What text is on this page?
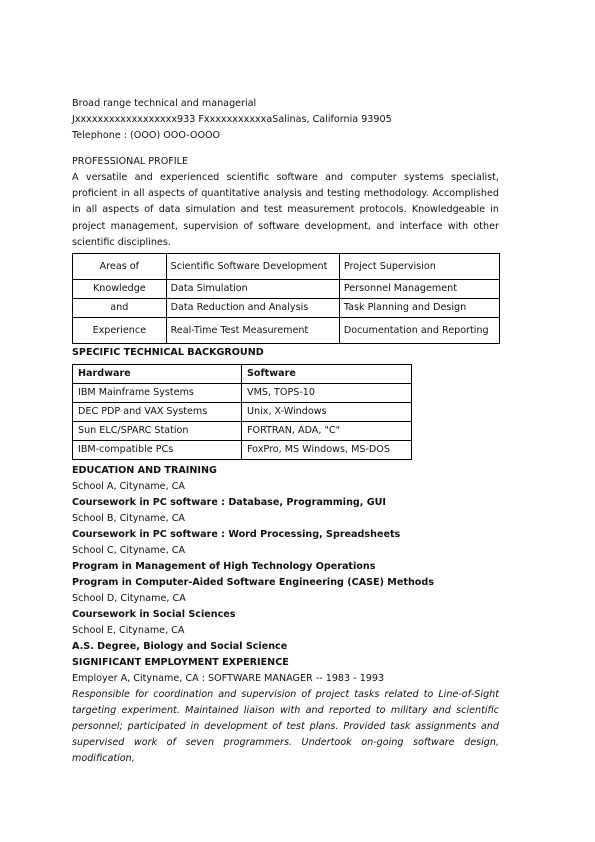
Broad range technical and managerial
Jxxxxxxxxxxxxxxxxxx933 FxxxxxxxxxxxaSalinas, California 93905
Telephone : (OOO) OOO-OOOO
PROFESSIONAL PROFILE
A versatile and experienced scientific software and computer systems specialist, proficient in all aspects of quantitative analysis and testing methodology. Accomplished in all aspects of data simulation and test measurement protocols. Knowledgeable in project management, supervision of software development, and interface with other scientific disciplines.
Areas of	Scientific Software Development	Project Supervision
Knowledge	Data Simulation	Personnel Management
and	Data Reduction and Analysis	Task Planning and Design
Experience	Real-Time Test Measurement	Documentation and Reporting
SPECIFIC TECHNICAL BACKGROUND
Hardware	Software
IBM Mainframe Systems	VMS, TOPS-10
DEC PDP and VAX Systems	Unix, X-Windows
Sun ELC/SPARC Station	FORTRAN, ADA, "C"
IBM-compatible PCs	FoxPro, MS Windows, MS-DOS
EDUCATION AND TRAINING
School A, Cityname, CA
Coursework in PC software : Database, Programming, GUI
School B, Cityname, CA
Coursework in PC software : Word Processing, Spreadsheets
School C, Cityname, CA
Program in Management of High Technology Operations
Program in Computer-Aided Software Engineering (CASE) Methods
School D, Cityname, CA
Coursework in Social Sciences
School E, Cityname, CA
A.S. Degree, Biology and Social Science
SIGNIFICANT EMPLOYMENT EXPERIENCE
Employer A, Cityname, CA : SOFTWARE MANAGER -- 1983 - 1993
Responsible for coordination and supervision of project tasks related to Line-of-Sight targeting experiment. Maintained liaison with and reported to military and scientific personnel; participated in development of test plans. Provided task assignments and supervised work of seven programmers. Undertook on-going software design, modification,
